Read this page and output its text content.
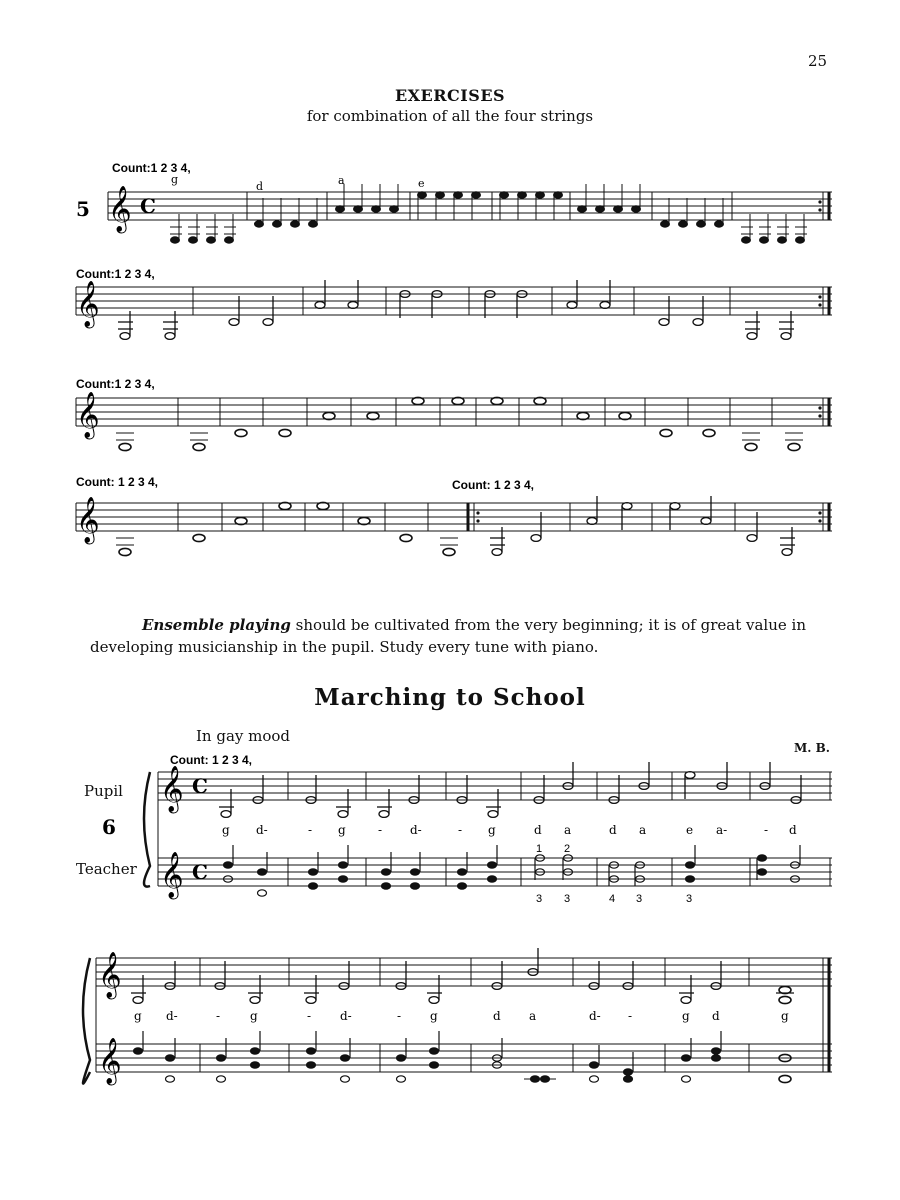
25
EXERCISES
for combination of all the four strings
5 𝄞 C
Count:1 2 3 4,
g
d	a	e
𝄞
Count:1 2 3 4,
𝄞
Count:1 2 3 4,
𝄞
Count: 1 2 3 4,	Count: 1 2 3 4,
Count: 1 2 3 4,
𝄞
𝄞
C
C
6	g d-	- g	- d-	- g	d a	d a	e a-	- d
1 2
3 3	4 3	3
𝄞
𝄞
g d-	- g	- d-	- g	d a	d- -	g d	g
Ensemble playing should be cultivated from the very beginning; it is of great value in developing musicianship in the pupil. Study every tune with piano.
Marching to School
In gay mood
M. B.
Pupil
Teacher
